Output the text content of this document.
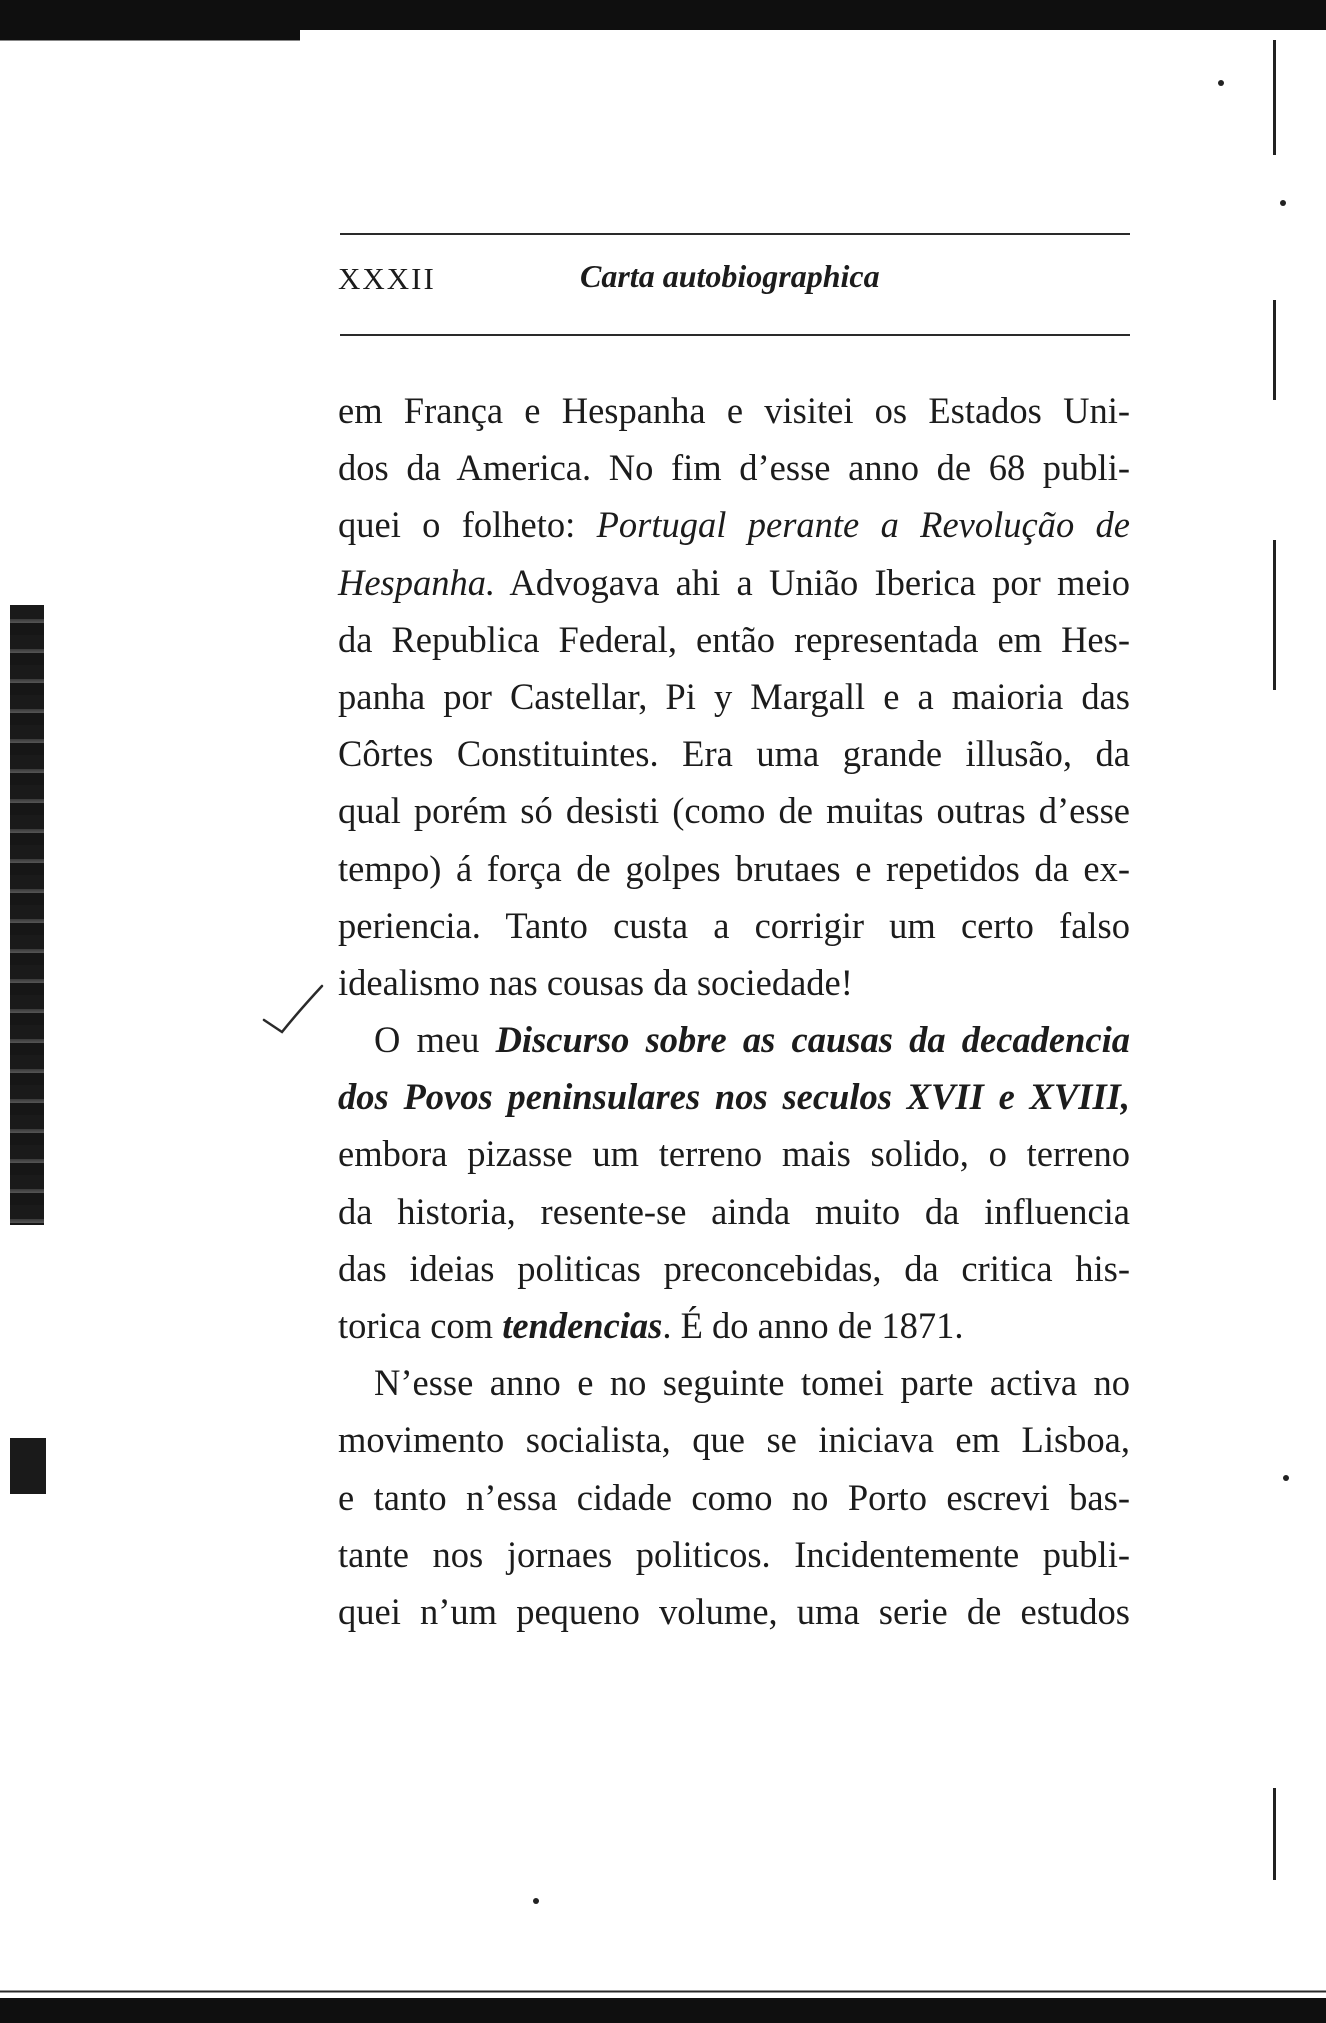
XXXII	Carta autobiographica
em França e Hespanha e visitei os Estados Uni-
dos da America. No fim d’esse anno de 68 publi-
quei o folheto: Portugal perante a Revolução de
Hespanha. Advogava ahi a União Iberica por meio
da Republica Federal, então representada em Hes-
panha por Castellar, Pi y Margall e a maioria das
Côrtes Constituintes. Era uma grande illusão, da
qual porém só desisti (como de muitas outras d’esse
tempo) á força de golpes brutaes e repetidos da ex-
periencia. Tanto custa a corrigir um certo falso
idealismo nas cousas da sociedade!
O meu Discurso sobre as causas da decadencia
dos Povos peninsulares nos seculos XVII e XVIII,
embora pizasse um terreno mais solido, o terreno
da historia, resente-se ainda muito da influencia
das ideias politicas preconcebidas, da critica his-
torica com tendencias. É do anno de 1871.
N’esse anno e no seguinte tomei parte activa no
movimento socialista, que se iniciava em Lisboa,
e tanto n’essa cidade como no Porto escrevi bas-
tante nos jornaes politicos. Incidentemente publi-
quei n’um pequeno volume, uma serie de estudos
